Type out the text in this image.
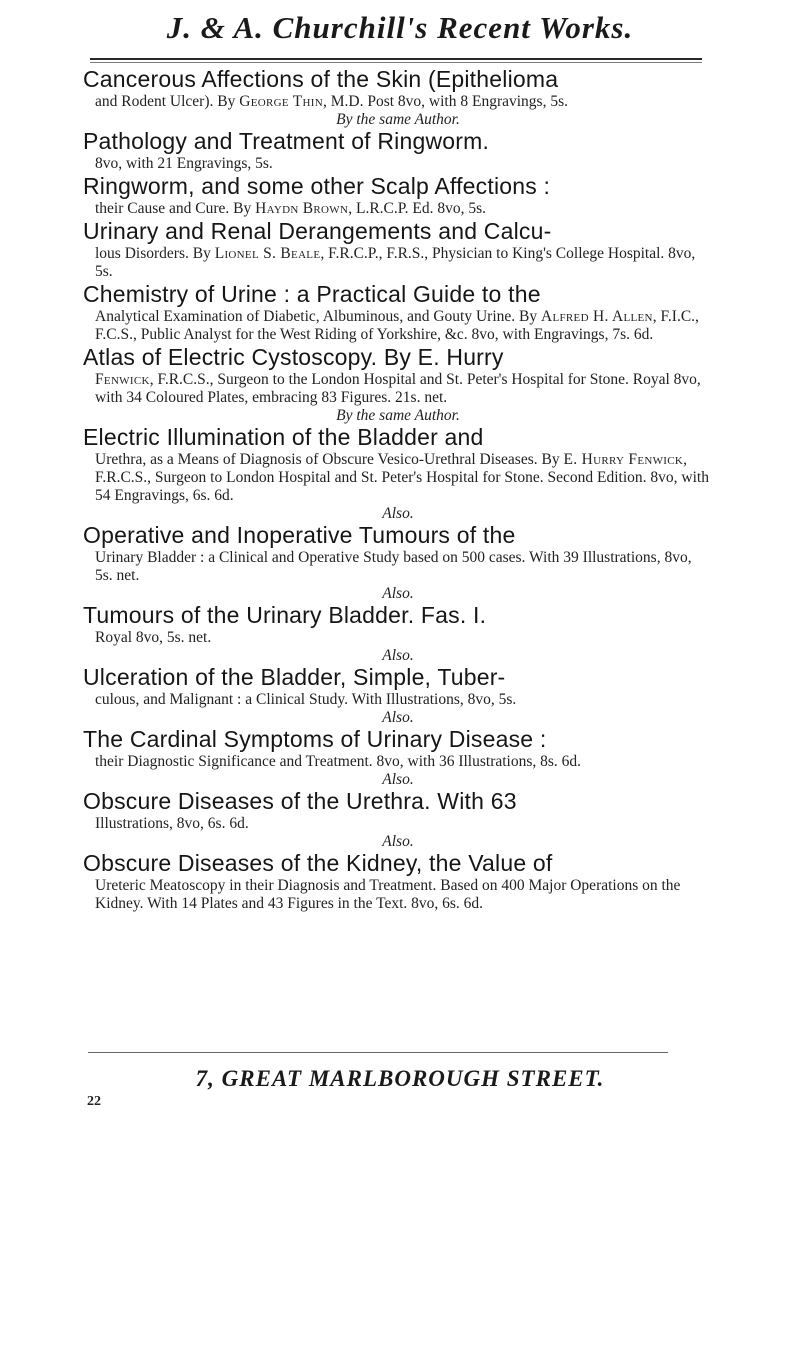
J. & A. Churchill's Recent Works.
Cancerous Affections of the Skin (Epithelioma

and Rodent Ulcer). By George Thin, M.D. Post 8vo, with 8 Engravings, 5s.

By the same Author.
Pathology and Treatment of Ringworm.

8vo, with 21 Engravings, 5s.

Ringworm, and some other Scalp Affections :

their Cause and Cure. By Haydn Brown, L.R.C.P. Ed. 8vo, 5s.

Urinary and Renal Derangements and Calcu-

lous Disorders. By Lionel S. Beale, F.R.C.P., F.R.S., Physician to King's College Hospital. 8vo, 5s.

Chemistry of Urine : a Practical Guide to the

Analytical Examination of Diabetic, Albuminous, and Gouty Urine. By Alfred H. Allen, F.I.C., F.C.S., Public Analyst for the West Riding of Yorkshire, &c. 8vo, with Engravings, 7s. 6d.

Atlas of Electric Cystoscopy. By E. Hurry

Fenwick, F.R.C.S., Surgeon to the London Hospital and St. Peter's Hospital for Stone. Royal 8vo, with 34 Coloured Plates, embracing 83 Figures. 21s. net.

By the same Author.
Electric Illumination of the Bladder and

Urethra, as a Means of Diagnosis of Obscure Vesico-Urethral Diseases. By E. Hurry Fenwick, F.R.C.S., Surgeon to London Hospital and St. Peter's Hospital for Stone. Second Edition. 8vo, with 54 Engravings, 6s. 6d.

Also.
Operative and Inoperative Tumours of the

Urinary Bladder : a Clinical and Operative Study based on 500 cases. With 39 Illustrations, 8vo, 5s. net.

Also.
Tumours of the Urinary Bladder. Fas. I.

Royal 8vo, 5s. net.

Also.
Ulceration of the Bladder, Simple, Tuber-

culous, and Malignant : a Clinical Study. With Illustrations, 8vo, 5s.

Also.
The Cardinal Symptoms of Urinary Disease :

their Diagnostic Significance and Treatment. 8vo, with 36 Illustrations, 8s. 6d.

Also.
Obscure Diseases of the Urethra. With 63

Illustrations, 8vo, 6s. 6d.

Also.
Obscure Diseases of the Kidney, the Value of

Ureteric Meatoscopy in their Diagnosis and Treatment. Based on 400 Major Operations on the Kidney. With 14 Plates and 43 Figures in the Text. 8vo, 6s. 6d.

7, GREAT MARLBOROUGH STREET.
22
